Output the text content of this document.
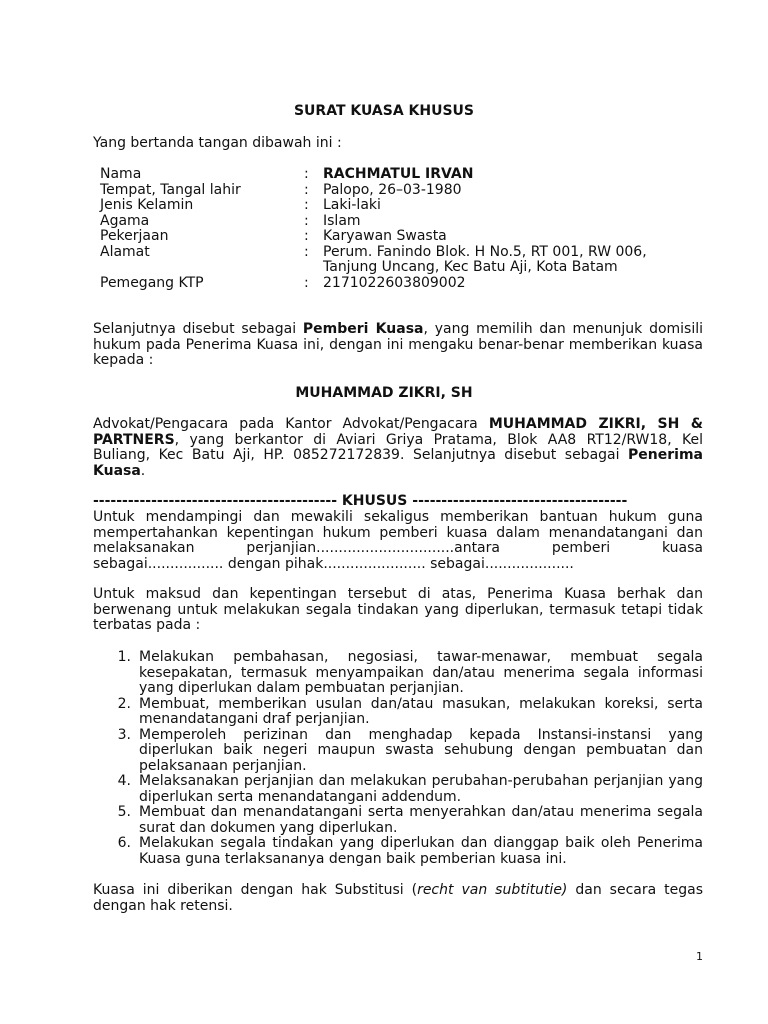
SURAT KUASA KHUSUS
Yang bertanda tangan dibawah ini :
Nama	:	RACHMATUL IRVAN
Tempat, Tangal lahir	:	Palopo, 26–03-1980
Jenis Kelamin	:	Laki-laki
Agama	:	Islam
Pekerjaan	:	Karyawan Swasta
Alamat	:	Perum. Fanindo Blok. H No.5, RT 001, RW 006,
Tanjung Uncang, Kec Batu Aji, Kota Batam
Pemegang KTP	:	2171022603809002
Selanjutnya disebut sebagai Pemberi Kuasa, yang memilih dan menunjuk domisili hukum pada Penerima Kuasa ini, dengan ini mengaku benar-benar memberikan kuasa kepada :
MUHAMMAD ZIKRI, SH
Advokat/Pengacara pada Kantor Advokat/Pengacara MUHAMMAD ZIKRI, SH & PARTNERS, yang berkantor di Aviari Griya Pratama, Blok AA8 RT12/RW18, Kel Buliang, Kec Batu Aji, HP. 085272172839. Selanjutnya disebut sebagai Penerima Kuasa.
------------------------------------------ KHUSUS -------------------------------------
Untuk mendampingi dan mewakili sekaligus memberikan bantuan hukum guna mempertahankan kepentingan hukum pemberi kuasa dalam menandatangani dan melaksanakan perjanjian...............................antara pemberi kuasa
sebagai................. dengan pihak....................... sebagai....................
Untuk maksud dan kepentingan tersebut di atas, Penerima Kuasa berhak dan berwenang untuk melakukan segala tindakan yang diperlukan, termasuk tetapi tidak terbatas pada :
1. Melakukan pembahasan, negosiasi, tawar-menawar, membuat segala kesepakatan, termasuk menyampaikan dan/atau menerima segala informasi yang diperlukan dalam pembuatan perjanjian.
2. Membuat, memberikan usulan dan/atau masukan, melakukan koreksi, serta menandatangani draf perjanjian.
3. Memperoleh perizinan dan menghadap kepada Instansi-instansi yang diperlukan baik negeri maupun swasta sehubung dengan pembuatan dan pelaksanaan perjanjian.
4. Melaksanakan perjanjian dan melakukan perubahan-perubahan perjanjian yang diperlukan serta menandatangani addendum.
5. Membuat dan menandatangani serta menyerahkan dan/atau menerima segala surat dan dokumen yang diperlukan.
6. Melakukan segala tindakan yang diperlukan dan dianggap baik oleh Penerima Kuasa guna terlaksananya dengan baik pemberian kuasa ini.
Kuasa ini diberikan dengan hak Substitusi (recht van subtitutie) dan secara tegas dengan hak retensi.
1
